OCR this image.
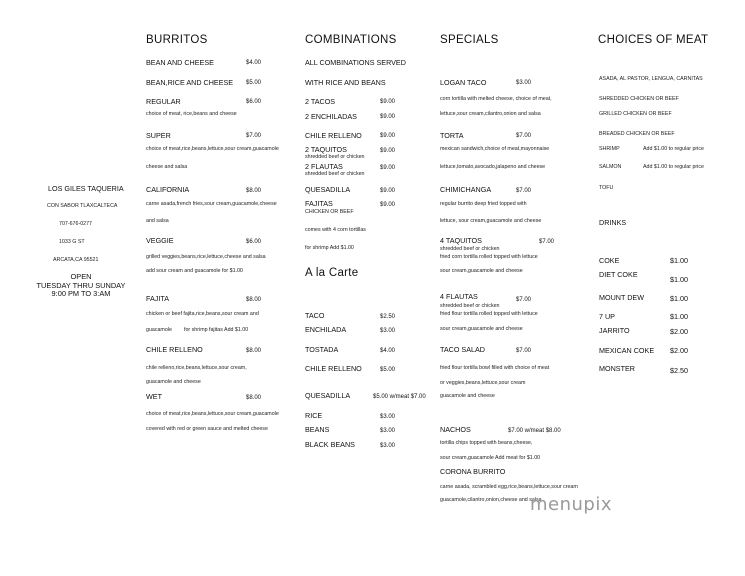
LOS GILES TAQUERIA
CON SABOR TLAXCALTECA
707-676-0277
1033 G ST
ARCATA,CA 95521
OPEN
TUESDAY THRU SUNDAY
9:00 PM TO 3:AM
BURRITOS	COMBINATIONS	SPECIALS	CHOICES OF MEAT
BEAN AND CHEESE	$4.00
BEAN,RICE AND CHEESE $5.00
REGULAR	$6.00
choice of meat, rice,beans and cheese
SUPER	$7.00
choice of meat,rice,beans,lettuce,sour cream,guacamole
cheese and salsa
CALIFORNIA	$8.00
carne asada,french fries,sour cream,guacamole,cheese
and salsa
VEGGIE	$6.00
grilled veggies,beans,rice,lettuce,cheese and salsa
add sour cream and guacamole for $1.00
FAJITA	$8.00
chicken or beef fajita,rice,beans,sour cream and
guacamole for shrimp fajitas Add $1.00
CHILE RELLENO	$8.00
chile relleno,rice,beans,lettuce,sour cream,
guacamole and cheese
WET	$8.00
choice of meat,rice,beans,lettuce,sour cream,guacamole
covered with red or green sauce and melted cheese
ALL COMBINATIONS SERVED
WITH RICE AND BEANS
2 TACOS	$9.00
2 ENCHILADAS	$9.00
CHILE RELLENO	$9.00
2 TAQUITOS	$9.00
shredded beef or chicken
2 FLAUTAS	$9.00
shredded beef or chicken
QUESADILLA	$9.00
FAJITAS	$9.00
CHICKEN OR BEEF
comes with 4 corn tortillas
for shrimp Add $1.00
A la Carte
TACO	$2.50
ENCHILADA	$3.00
TOSTADA	$4.00
CHILE RELLENO	$5.00
QUESADILLA	$5.00 w/meat $7.00
RICE	$3.00
BEANS	$3.00
BLACK BEANS	$3.00
LOGAN TACO	$3.00
corn tortilla with melted cheese, choice of meat,
lettuce,sour cream,cilantro,onion and salsa
TORTA	$7.00
mexican sandwich,choice of meat,mayonnaise
lettuce,tomato,avocado,jalapeno and cheese
CHIMICHANGA	$7.00
regular burrito deep fried topped with
lettuce, sour cream,guacamole and cheese
4 TAQUITOS	$7.00
shredded beef or chicken
fried corn tortilla rolled topped with lettuce
sour cream,guacamole and cheese
4 FLAUTAS	$7.00
shredded beef or chicken
fried flour tortilla rolled topped with lettuce
sour cream,guacamole and cheese
TACO SALAD	$7.00
fried flour tortilla bowl filled with choice of meat
or veggies,beans,lettuce,sour cream
guacamole and cheese
NACHOS	$7.00 w/meat $8.00
tortilla chips topped with beans,cheese,
sour cream,guacamole Add meat for $1.00
CORONA BURRITO
carne asada, scrambled egg,rice,beans,lettuce,sour cream
guacamole,cilantro,onion,cheese and salsa
ASADA, AL PASTOR, LENGUA, CARNITAS
SHREDDED CHICKEN OR BEEF
GRILLED CHICKEN OR BEEF
BREADED CHICKEN OR BEEF
SHRIMP	Add $1.00 to regular price
SALMON	Add $1.00 to regular price
TOFU
DRINKS
COKE	$1.00
DIET COKE
$1.00
MOUNT DEW	$1.00
7 UP	$1.00
JARRITO	$2.00
MEXICAN COKE $2.00
MONSTER	$2.50
menupix
